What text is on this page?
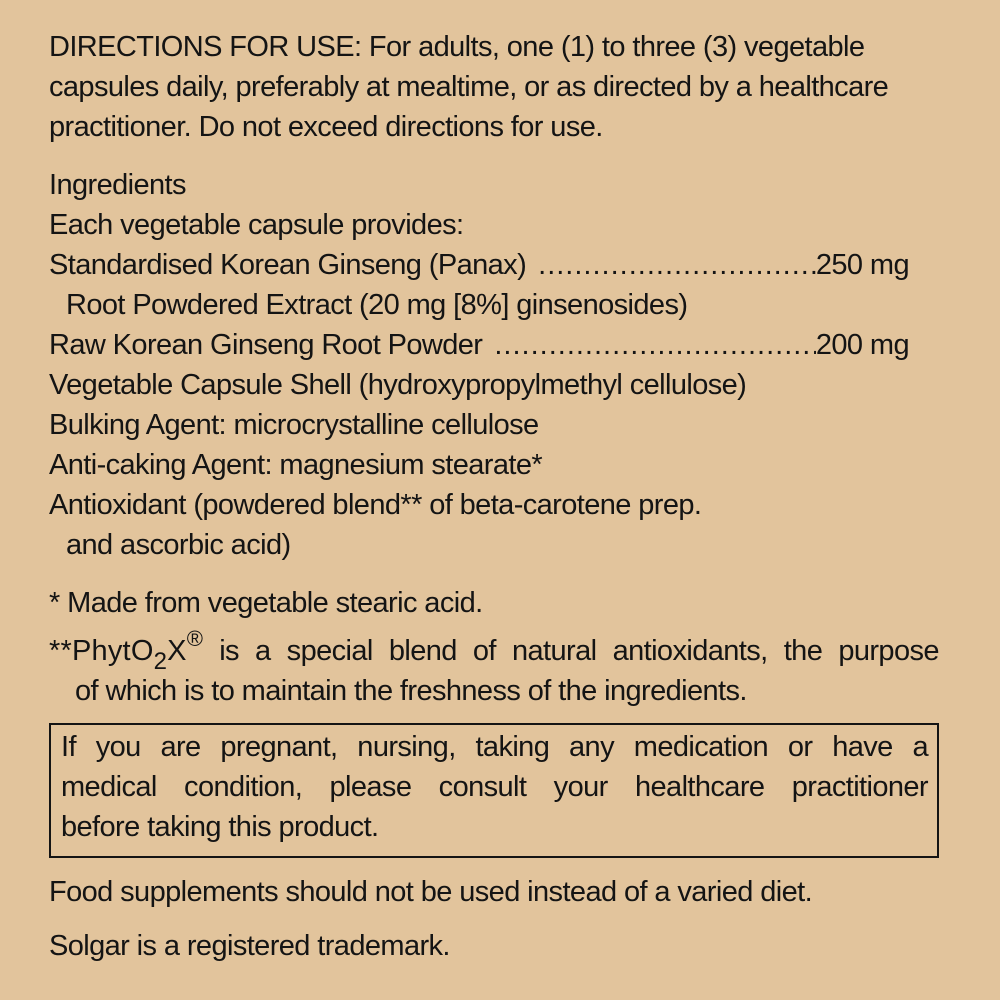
DIRECTIONS FOR USE: For adults, one (1) to three (3) vegetable
capsules daily, preferably at mealtime, or as directed by a healthcare
practitioner. Do not exceed directions for use.
Ingredients
Each vegetable capsule provides:
Standardised Korean Ginseng (Panax) .....	250 mg
Root Powdered Extract (20 mg [8%] ginsenosides)
Raw Korean Ginseng Root Powder .....	200 mg
Vegetable Capsule Shell (hydroxypropylmethyl cellulose)
Bulking Agent: microcrystalline cellulose
Anti-caking Agent: magnesium stearate*
Antioxidant (powdered blend** of beta-carotene prep.
and ascorbic acid)
* Made from vegetable stearic acid.
**PhytO$_2$X® is a special blend of natural antioxidants, the purpose
of which is to maintain the freshness of the ingredients.
If you are pregnant, nursing, taking any medication or have a
medical condition, please consult your healthcare practitioner
before taking this product.
Food supplements should not be used instead of a varied diet.
Solgar is a registered trademark.
